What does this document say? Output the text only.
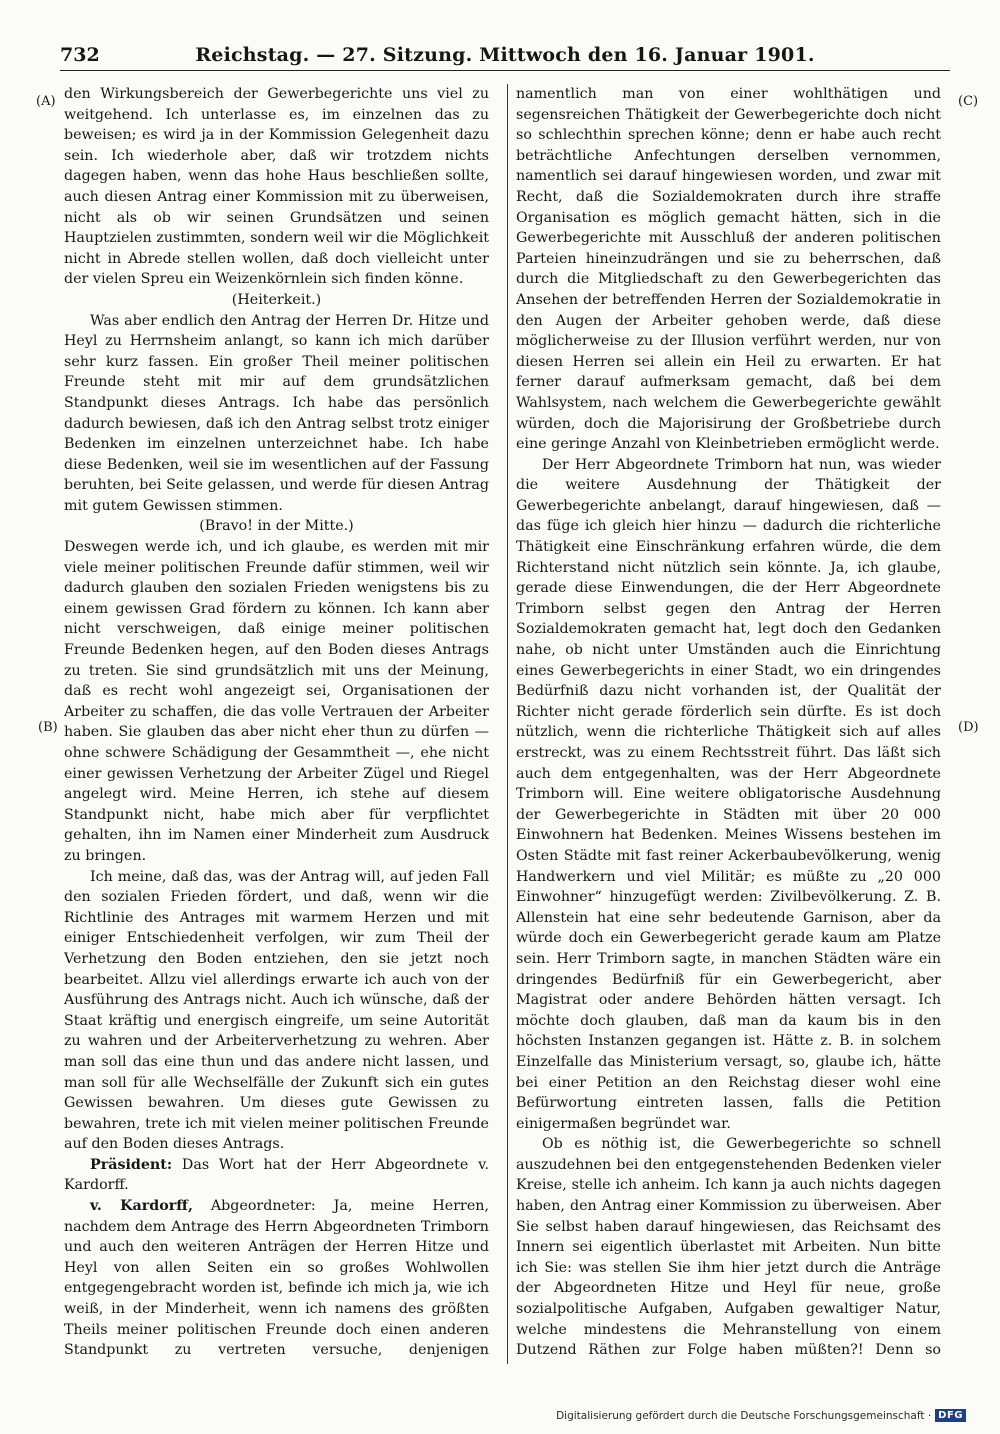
732	Reichstag. — 27. Sitzung. Mittwoch den 16. Januar 1901.
(A)
(B)
(C)
(D)

den Wirkungsbereich der Gewerbegerichte uns viel zu weitgehend. Ich unterlasse es, im einzelnen das zu beweisen; es wird ja in der Kommission Gelegenheit dazu sein. Ich wiederhole aber, daß wir trotzdem nichts dagegen haben, wenn das hohe Haus beschließen sollte, auch diesen Antrag einer Kommission mit zu überweisen, nicht als ob wir seinen Grundsätzen und seinen Hauptzielen zustimmten, sondern weil wir die Möglichkeit nicht in Abrede stellen wollen, daß doch vielleicht unter der vielen Spreu ein Weizenkörnlein sich finden könne.

(Heiterkeit.)

Was aber endlich den Antrag der Herren Dr. Hitze und Heyl zu Herrnsheim anlangt, so kann ich mich darüber sehr kurz fassen. Ein großer Theil meiner politischen Freunde steht mit mir auf dem grundsätzlichen Standpunkt dieses Antrags. Ich habe das persönlich dadurch bewiesen, daß ich den Antrag selbst trotz einiger Bedenken im einzelnen unterzeichnet habe. Ich habe diese Bedenken, weil sie im wesentlichen auf der Fassung beruhten, bei Seite gelassen, und werde für diesen Antrag mit gutem Gewissen stimmen.

(Bravo! in der Mitte.)

Deswegen werde ich, und ich glaube, es werden mit mir viele meiner politischen Freunde dafür stimmen, weil wir dadurch glauben den sozialen Frieden wenigstens bis zu einem gewissen Grad fördern zu können. Ich kann aber nicht verschweigen, daß einige meiner politischen Freunde Bedenken hegen, auf den Boden dieses Antrags zu treten. Sie sind grundsätzlich mit uns der Meinung, daß es recht wohl angezeigt sei, Organisationen der Arbeiter zu schaffen, die das volle Vertrauen der Arbeiter haben. Sie glauben das aber nicht eher thun zu dürfen — ohne schwere Schädigung der Gesammtheit —, ehe nicht einer gewissen Verhetzung der Arbeiter Zügel und Riegel angelegt wird. Meine Herren, ich stehe auf diesem Standpunkt nicht, habe mich aber für verpflichtet gehalten, ihn im Namen einer Minderheit zum Ausdruck zu bringen.

Ich meine, daß das, was der Antrag will, auf jeden Fall den sozialen Frieden fördert, und daß, wenn wir die Richtlinie des Antrages mit warmem Herzen und mit einiger Entschiedenheit verfolgen, wir zum Theil der Verhetzung den Boden entziehen, den sie jetzt noch bearbeitet. Allzu viel allerdings erwarte ich auch von der Ausführung des Antrags nicht. Auch ich wünsche, daß der Staat kräftig und energisch eingreife, um seine Autorität zu wahren und der Arbeiterverhetzung zu wehren. Aber man soll das eine thun und das andere nicht lassen, und man soll für alle Wechselfälle der Zukunft sich ein gutes Gewissen bewahren. Um dieses gute Gewissen zu bewahren, trete ich mit vielen meiner politischen Freunde auf den Boden dieses Antrags.

Präsident: Das Wort hat der Herr Abgeordnete v. Kardorff.

v. Kardorff, Abgeordneter: Ja, meine Herren, nachdem dem Antrage des Herrn Abgeordneten Trimborn und auch den weiteren Anträgen der Herren Hitze und Heyl von allen Seiten ein so großes Wohlwollen entgegengebracht worden ist, befinde ich mich ja, wie ich weiß, in der Minderheit, wenn ich namens des größten Theils meiner politischen Freunde doch einen anderen Standpunkt zu vertreten versuche, denjenigen

namentlich man von einer wohlthätigen und segensreichen Thätigkeit der Gewerbegerichte doch nicht so schlechthin sprechen könne; denn er habe auch recht beträchtliche Anfechtungen derselben vernommen, namentlich sei darauf hingewiesen worden, und zwar mit Recht, daß die Sozialdemokraten durch ihre straffe Organisation es möglich gemacht hätten, sich in die Gewerbegerichte mit Ausschluß der anderen politischen Parteien hineinzudrängen und sie zu beherrschen, daß durch die Mitgliedschaft zu den Gewerbegerichten das Ansehen der betreffenden Herren der Sozialdemokratie in den Augen der Arbeiter gehoben werde, daß diese möglicherweise zu der Illusion verführt werden, nur von diesen Herren sei allein ein Heil zu erwarten. Er hat ferner darauf aufmerksam gemacht, daß bei dem Wahlsystem, nach welchem die Gewerbegerichte gewählt würden, doch die Majorisirung der Großbetriebe durch eine geringe Anzahl von Kleinbetrieben ermöglicht werde.

Der Herr Abgeordnete Trimborn hat nun, was wieder die weitere Ausdehnung der Thätigkeit der Gewerbegerichte anbelangt, darauf hingewiesen, daß — das füge ich gleich hier hinzu — dadurch die richterliche Thätigkeit eine Einschränkung erfahren würde, die dem Richterstand nicht nützlich sein könnte. Ja, ich glaube, gerade diese Einwendungen, die der Herr Abgeordnete Trimborn selbst gegen den Antrag der Herren Sozialdemokraten gemacht hat, legt doch den Gedanken nahe, ob nicht unter Umständen auch die Einrichtung eines Gewerbegerichts in einer Stadt, wo ein dringendes Bedürfniß dazu nicht vorhanden ist, der Qualität der Richter nicht gerade förderlich sein dürfte. Es ist doch nützlich, wenn die richterliche Thätigkeit sich auf alles erstreckt, was zu einem Rechtsstreit führt. Das läßt sich auch dem entgegenhalten, was der Herr Abgeordnete Trimborn will. Eine weitere obligatorische Ausdehnung der Gewerbegerichte in Städten mit über 20 000 Einwohnern hat Bedenken. Meines Wissens bestehen im Osten Städte mit fast reiner Ackerbaubevölkerung, wenig Handwerkern und viel Militär; es müßte zu „20 000 Einwohner“ hinzugefügt werden: Zivilbevölkerung. Z. B. Allenstein hat eine sehr bedeutende Garnison, aber da würde doch ein Gewerbegericht gerade kaum am Platze sein. Herr Trimborn sagte, in manchen Städten wäre ein dringendes Bedürfniß für ein Gewerbegericht, aber Magistrat oder andere Behörden hätten versagt. Ich möchte doch glauben, daß man da kaum bis in den höchsten Instanzen gegangen ist. Hätte z. B. in solchem Einzelfalle das Ministerium versagt, so, glaube ich, hätte bei einer Petition an den Reichstag dieser wohl eine Befürwortung eintreten lassen, falls die Petition einigermaßen begründet war.

Ob es nöthig ist, die Gewerbegerichte so schnell auszudehnen bei den entgegenstehenden Bedenken vieler Kreise, stelle ich anheim. Ich kann ja auch nichts dagegen haben, den Antrag einer Kommission zu überweisen. Aber Sie selbst haben darauf hingewiesen, das Reichsamt des Innern sei eigentlich überlastet mit Arbeiten. Nun bitte ich Sie: was stellen Sie ihm hier jetzt durch die Anträge der Abgeordneten Hitze und Heyl für neue, große sozialpolitische Aufgaben, Aufgaben gewaltiger Natur, welche mindestens die Mehranstellung von einem Dutzend Räthen zur Folge haben müßten?! Denn so

Digitalisierung gefördert durch die Deutsche Forschungsgemeinschaft · DFG
